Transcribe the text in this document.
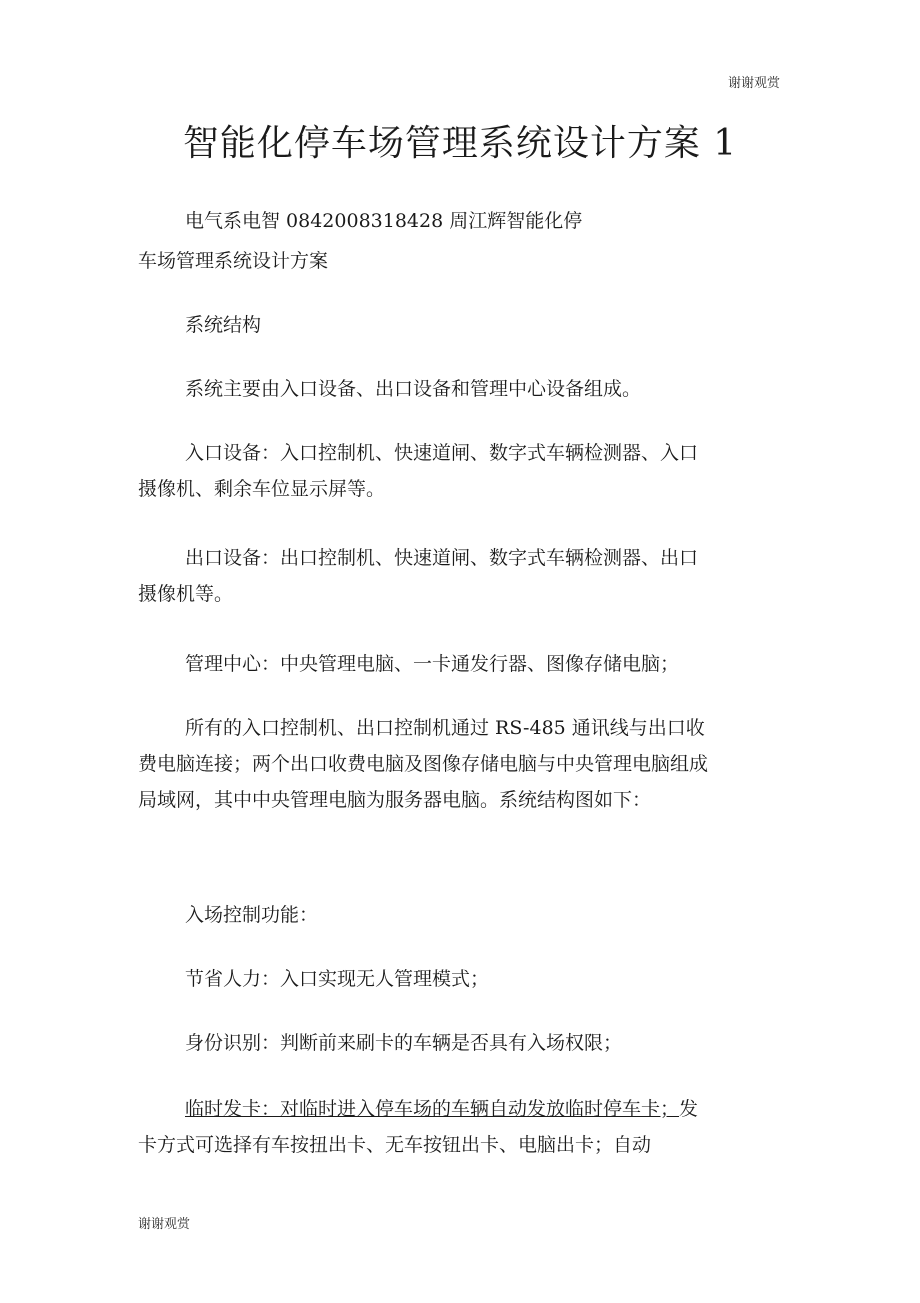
谢谢观赏
智能化停车场管理系统设计方案 1

电气系电智 0842008318428 周江辉智能化停

车场管理系统设计方案

系统结构

系统主要由入口设备、出口设备和管理中心设备组成。

入口设备：入口控制机、快速道闸、数字式车辆检测器、入口摄像机、剩余车位显示屏等。

出口设备：出口控制机、快速道闸、数字式车辆检测器、出口摄像机等。

管理中心：中央管理电脑、一卡通发行器、图像存储电脑；

所有的入口控制机、出口控制机通过 RS-485 通讯线与出口收费电脑连接；两个出口收费电脑及图像存储电脑与中央管理电脑组成局域网，其中中央管理电脑为服务器电脑。系统结构图如下：

入场控制功能：

节省人力：入口实现无人管理模式；

身份识别：判断前来刷卡的车辆是否具有入场权限；

临时发卡：对临时进入停车场的车辆自动发放临时停车卡；发卡方式可选择有车按扭出卡、无车按钮出卡、电脑出卡；自动

谢谢观赏
